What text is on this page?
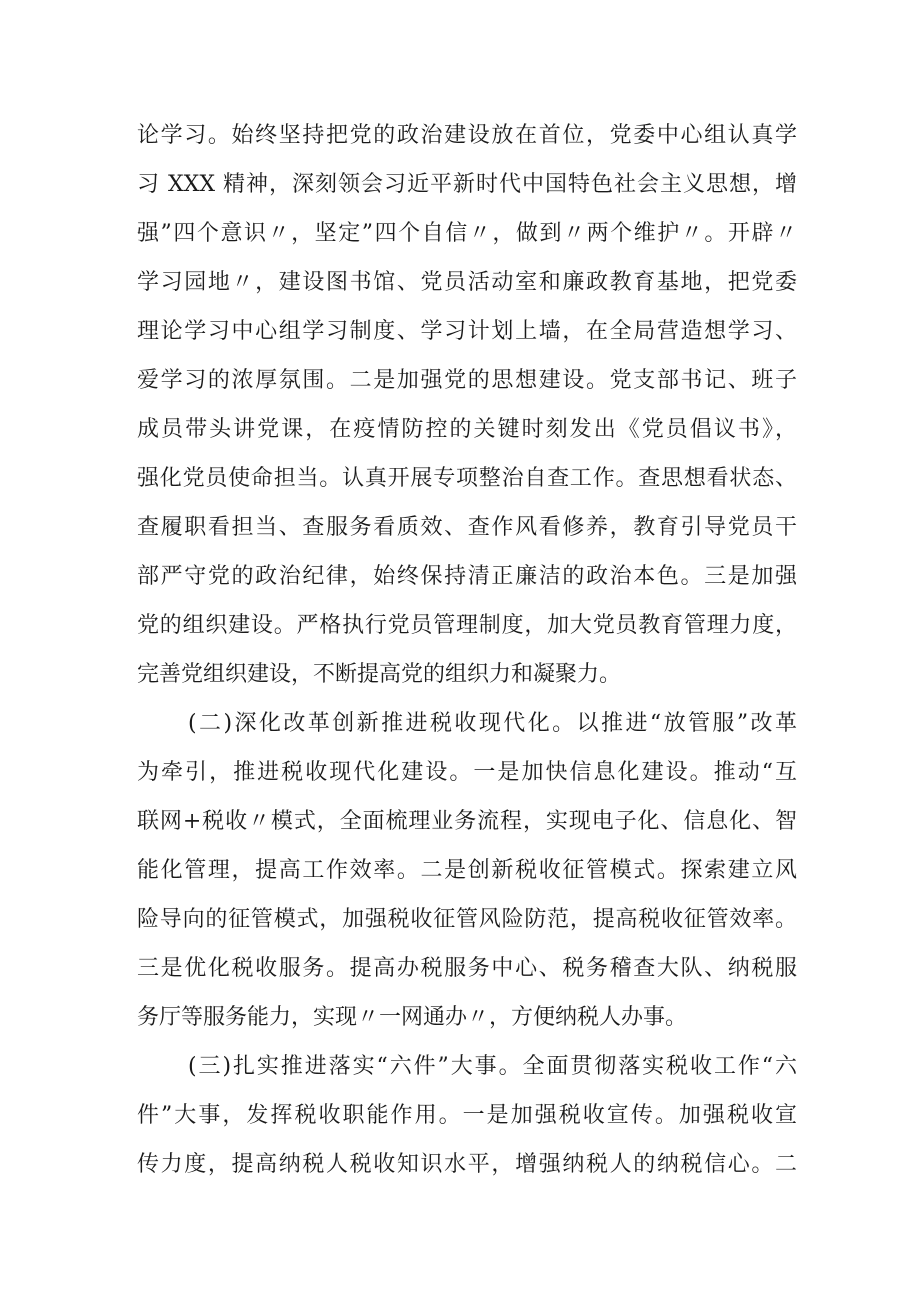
论学习。始终坚持把党的政治建设放在首位，党委中心组认真学
习 XXX 精神，深刻领会习近平新时代中国特色社会主义思想，增
强”四个意识〃，坚定”四个自信〃，做到〃两个维护〃。开辟〃
学习园地〃，建设图书馆、党员活动室和廉政教育基地，把党委
理论学习中心组学习制度、学习计划上墙，在全局营造想学习、
爱学习的浓厚氛围。二是加强党的思想建设。党支部书记、班子
成员带头讲党课，在疫情防控的关键时刻发出《党员倡议书》，
强化党员使命担当。认真开展专项整治自查工作。查思想看状态、
查履职看担当、查服务看质效、查作风看修养，教育引导党员干
部严守党的政治纪律，始终保持清正廉洁的政治本色。三是加强
党的组织建设。严格执行党员管理制度，加大党员教育管理力度，
完善党组织建设，不断提高党的组织力和凝聚力。
(二)深化改革创新推进税收现代化。以推进“放管服”改革
为牵引，推进税收现代化建设。一是加快信息化建设。推动“互
联网+税收〃模式，全面梳理业务流程，实现电子化、信息化、智
能化管理，提高工作效率。二是创新税收征管模式。探索建立风
险导向的征管模式，加强税收征管风险防范，提高税收征管效率。
三是优化税收服务。提高办税服务中心、税务稽查大队、纳税服
务厅等服务能力，实现〃一网通办〃，方便纳税人办事。
(三)扎实推进落实“六件”大事。全面贯彻落实税收工作“六
件”大事，发挥税收职能作用。一是加强税收宣传。加强税收宣
传力度，提高纳税人税收知识水平，增强纳税人的纳税信心。二
